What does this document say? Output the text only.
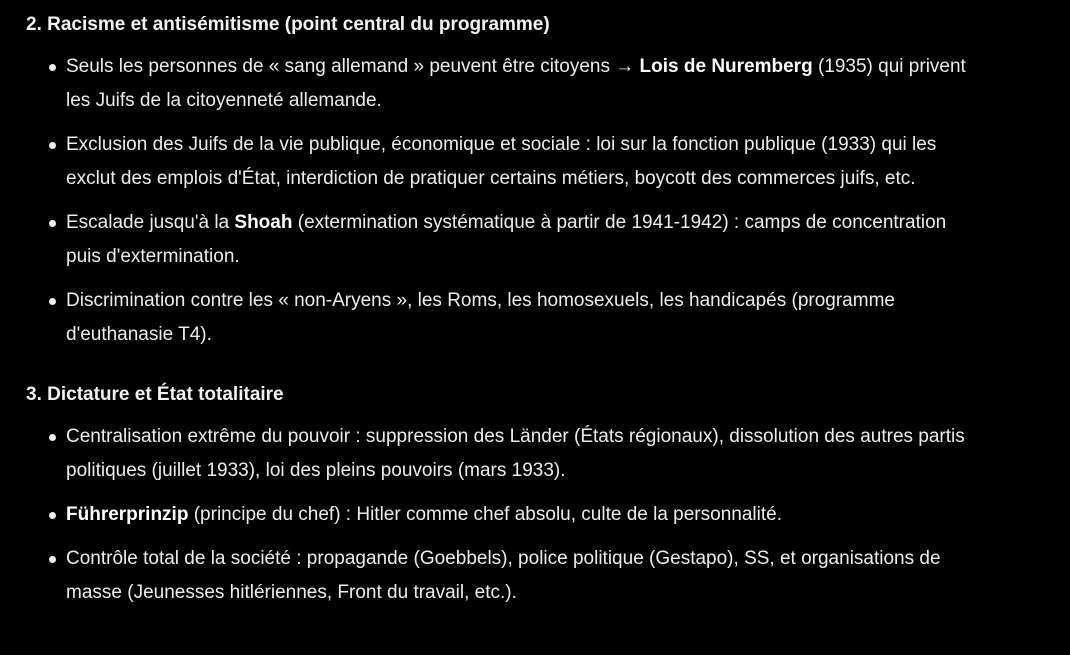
2. Racisme et antisémitisme (point central du programme)
Seuls les personnes de « sang allemand » peuvent être citoyens → Lois de Nuremberg (1935) qui privent les Juifs de la citoyenneté allemande.
Exclusion des Juifs de la vie publique, économique et sociale : loi sur la fonction publique (1933) qui les exclut des emplois d'État, interdiction de pratiquer certains métiers, boycott des commerces juifs, etc.
Escalade jusqu'à la Shoah (extermination systématique à partir de 1941-1942) : camps de concentration puis d'extermination.
Discrimination contre les « non-Aryens », les Roms, les homosexuels, les handicapés (programme d'euthanasie T4).
3. Dictature et État totalitaire
Centralisation extrême du pouvoir : suppression des Länder (États régionaux), dissolution des autres partis politiques (juillet 1933), loi des pleins pouvoirs (mars 1933).
Führerprinzip (principe du chef) : Hitler comme chef absolu, culte de la personnalité.
Contrôle total de la société : propagande (Goebbels), police politique (Gestapo), SS, et organisations de masse (Jeunesses hitlériennes, Front du travail, etc.).
